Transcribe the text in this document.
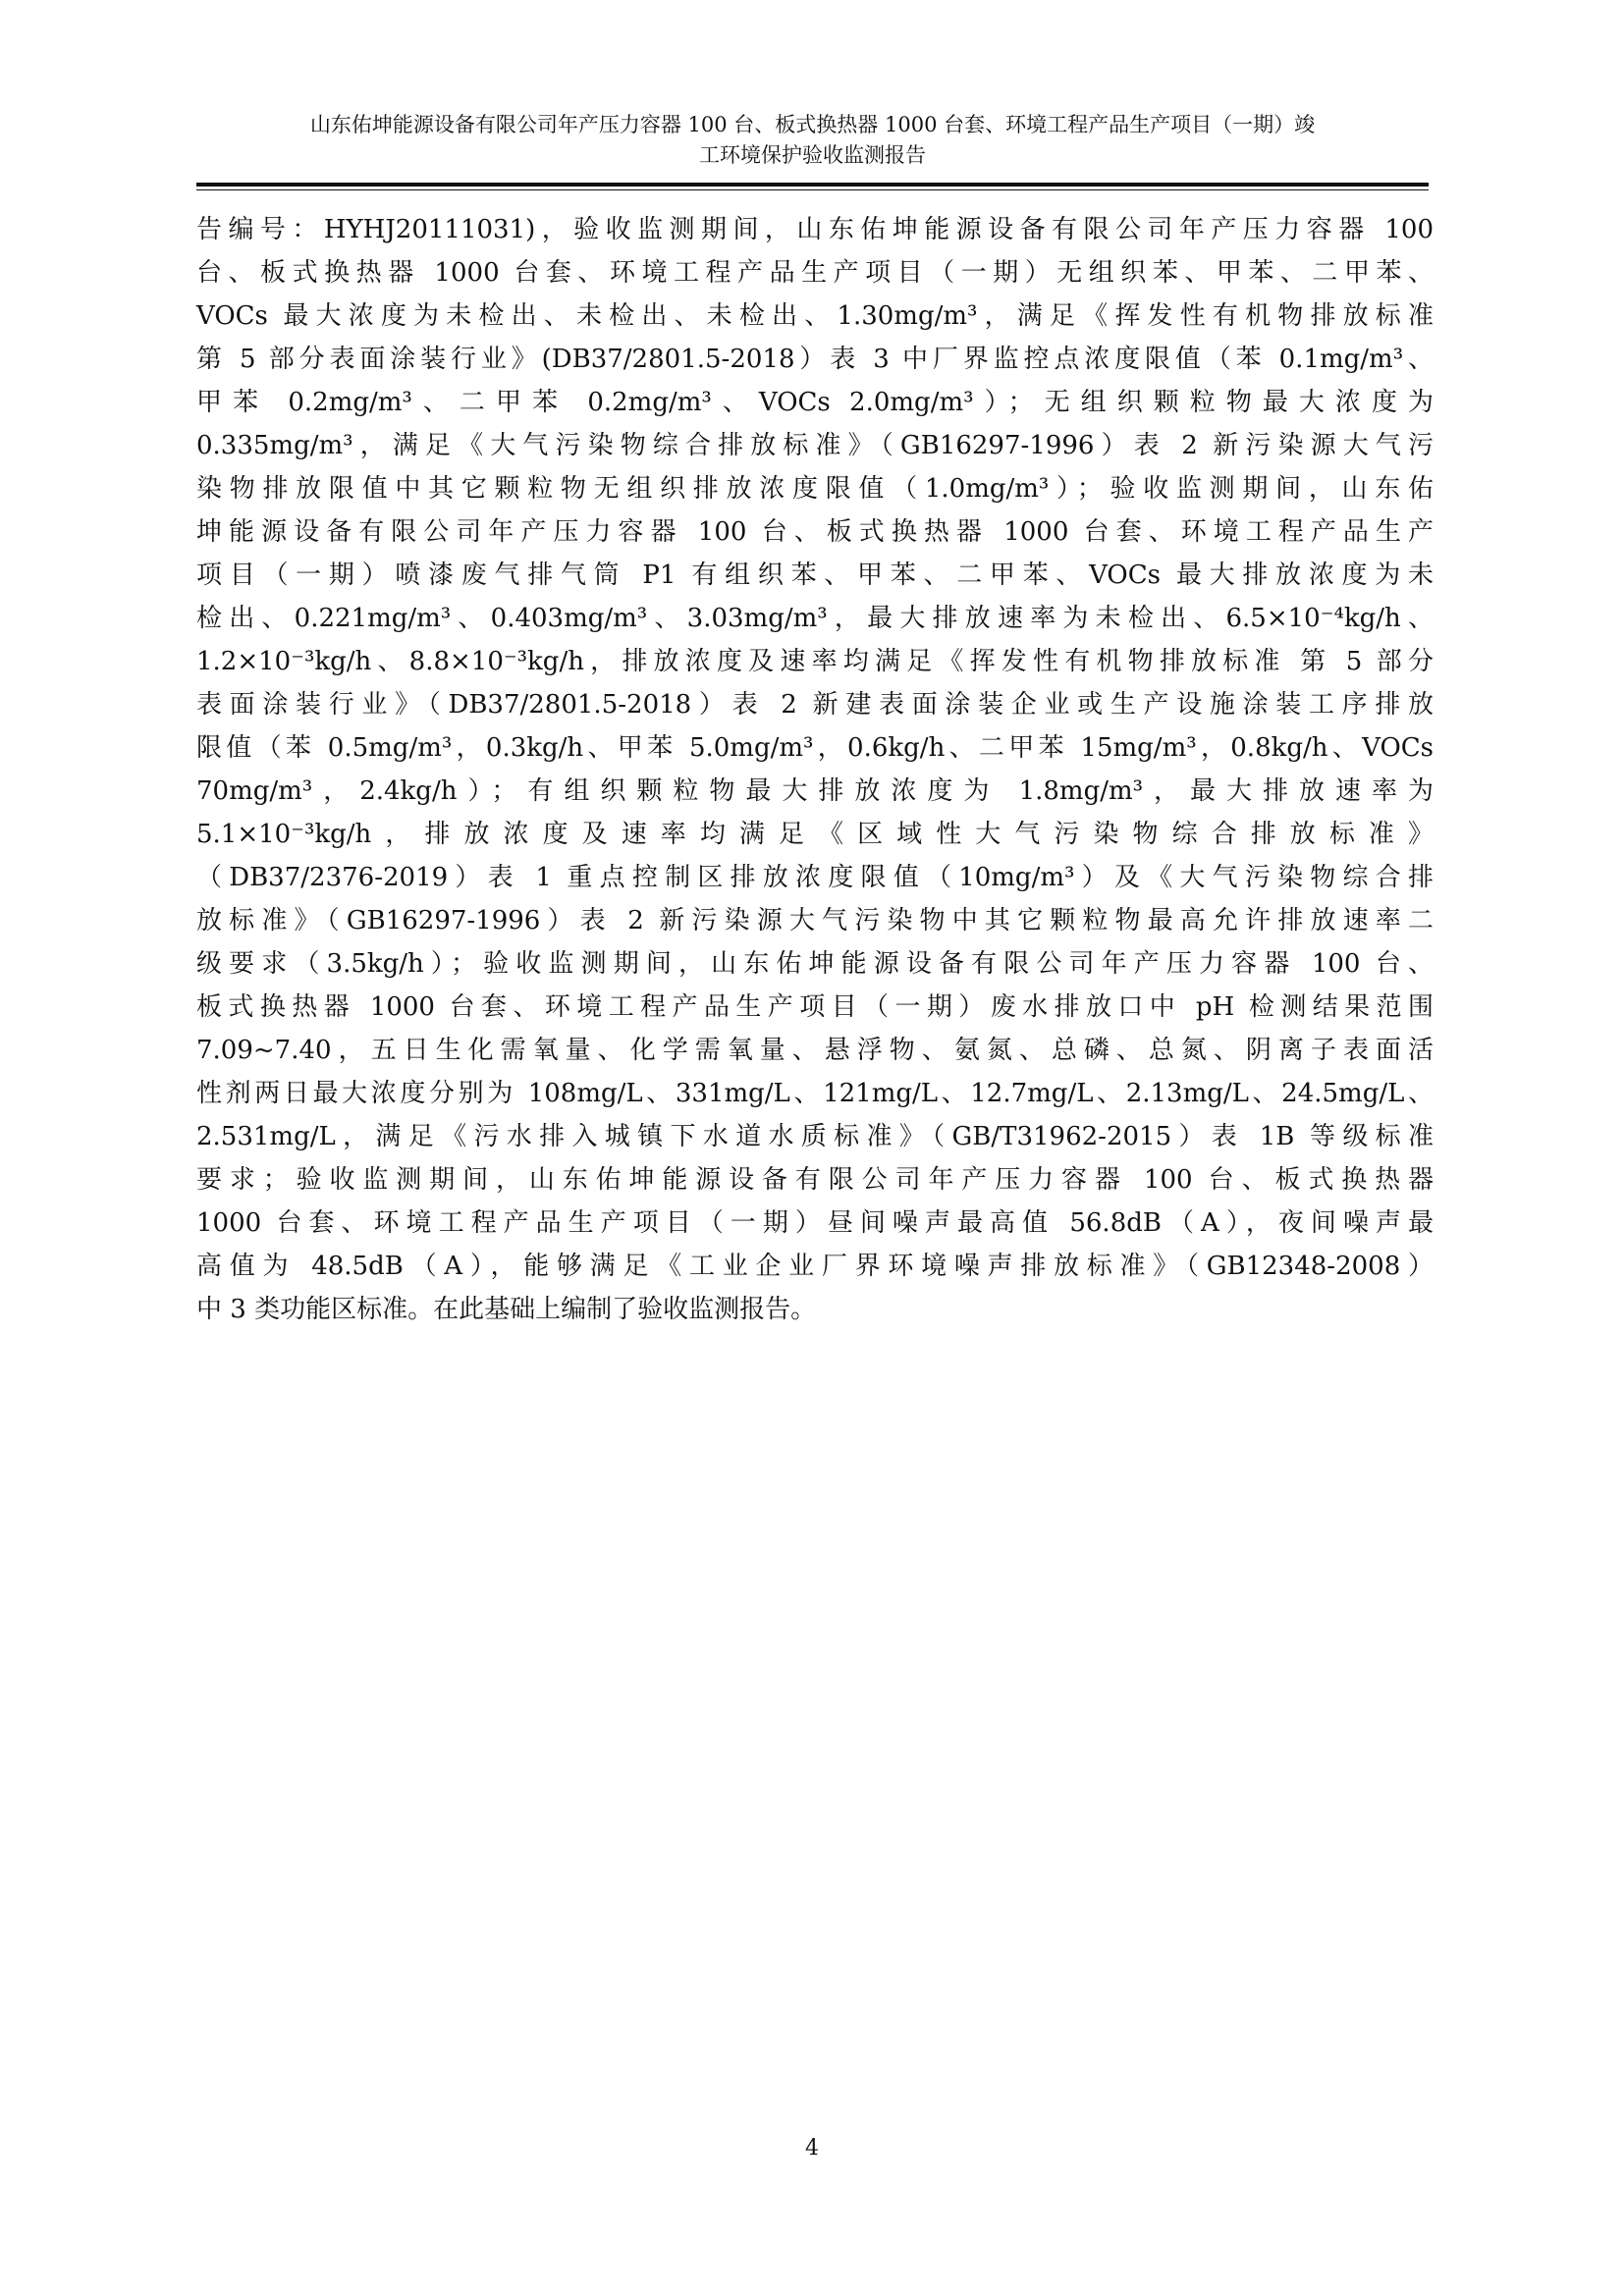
山东佑坤能源设备有限公司年产压力容器 100 台、板式换热器 1000 台套、环境工程产品生产项目（一期）竣
工环境保护验收监测报告
告编号：HYHJ20111031)，验收监测期间，山东佑坤能源设备有限公司年产压力容器 100
台、板式换热器 1000 台套、环境工程产品生产项目（一期）无组织苯、甲苯、二甲苯、
VOCs 最大浓度为未检出、未检出、未检出、1.30mg/m³，满足《挥发性有机物排放标准
第 5 部分表面涂装行业》(DB37/2801.5-2018）表 3 中厂界监控点浓度限值（苯 0.1mg/m³、
甲苯 0.2mg/m³、二甲苯 0.2mg/m³、VOCs 2.0mg/m³）；无组织颗粒物最大浓度为
0.335mg/m³，满足《大气污染物综合排放标准》（GB16297-1996）表 2 新污染源大气污
染物排放限值中其它颗粒物无组织排放浓度限值（1.0mg/m³）；验收监测期间，山东佑
坤能源设备有限公司年产压力容器 100 台、板式换热器 1000 台套、环境工程产品生产
项目（一期）喷漆废气排气筒 P1 有组织苯、甲苯、二甲苯、VOCs 最大排放浓度为未
检出、0.221mg/m³、0.403mg/m³、3.03mg/m³，最大排放速率为未检出、6.5×10⁻⁴kg/h、
1.2×10⁻³kg/h、8.8×10⁻³kg/h，排放浓度及速率均满足《挥发性有机物排放标准 第 5 部分
表面涂装行业》（DB37/2801.5-2018）表 2 新建表面涂装企业或生产设施涂装工序排放
限值（苯 0.5mg/m³，0.3kg/h、甲苯 5.0mg/m³，0.6kg/h、二甲苯 15mg/m³，0.8kg/h、VOCs
70mg/m³，2.4kg/h）；有组织颗粒物最大排放浓度为 1.8mg/m³，最大排放速率为
5.1×10⁻³kg/h，排放浓度及速率均满足《区域性大气污染物综合排放标准》
（DB37/2376-2019）表 1 重点控制区排放浓度限值（10mg/m³）及《大气污染物综合排
放标准》（GB16297-1996）表 2 新污染源大气污染物中其它颗粒物最高允许排放速率二
级要求（3.5kg/h）；验收监测期间，山东佑坤能源设备有限公司年产压力容器 100 台、
板式换热器 1000 台套、环境工程产品生产项目（一期）废水排放口中 pH 检测结果范围
7.09~7.40，五日生化需氧量、化学需氧量、悬浮物、氨氮、总磷、总氮、阴离子表面活
性剂两日最大浓度分别为 108mg/L、331mg/L、121mg/L、12.7mg/L、2.13mg/L、24.5mg/L、
2.531mg/L，满足《污水排入城镇下水道水质标准》（GB/T31962-2015）表 1B 等级标准
要求；验收监测期间，山东佑坤能源设备有限公司年产压力容器 100 台、板式换热器
1000 台套、环境工程产品生产项目（一期）昼间噪声最高值 56.8dB（A），夜间噪声最
高值为 48.5dB（A），能够满足《工业企业厂界环境噪声排放标准》（GB12348-2008）
中 3 类功能区标准。在此基础上编制了验收监测报告。
4
